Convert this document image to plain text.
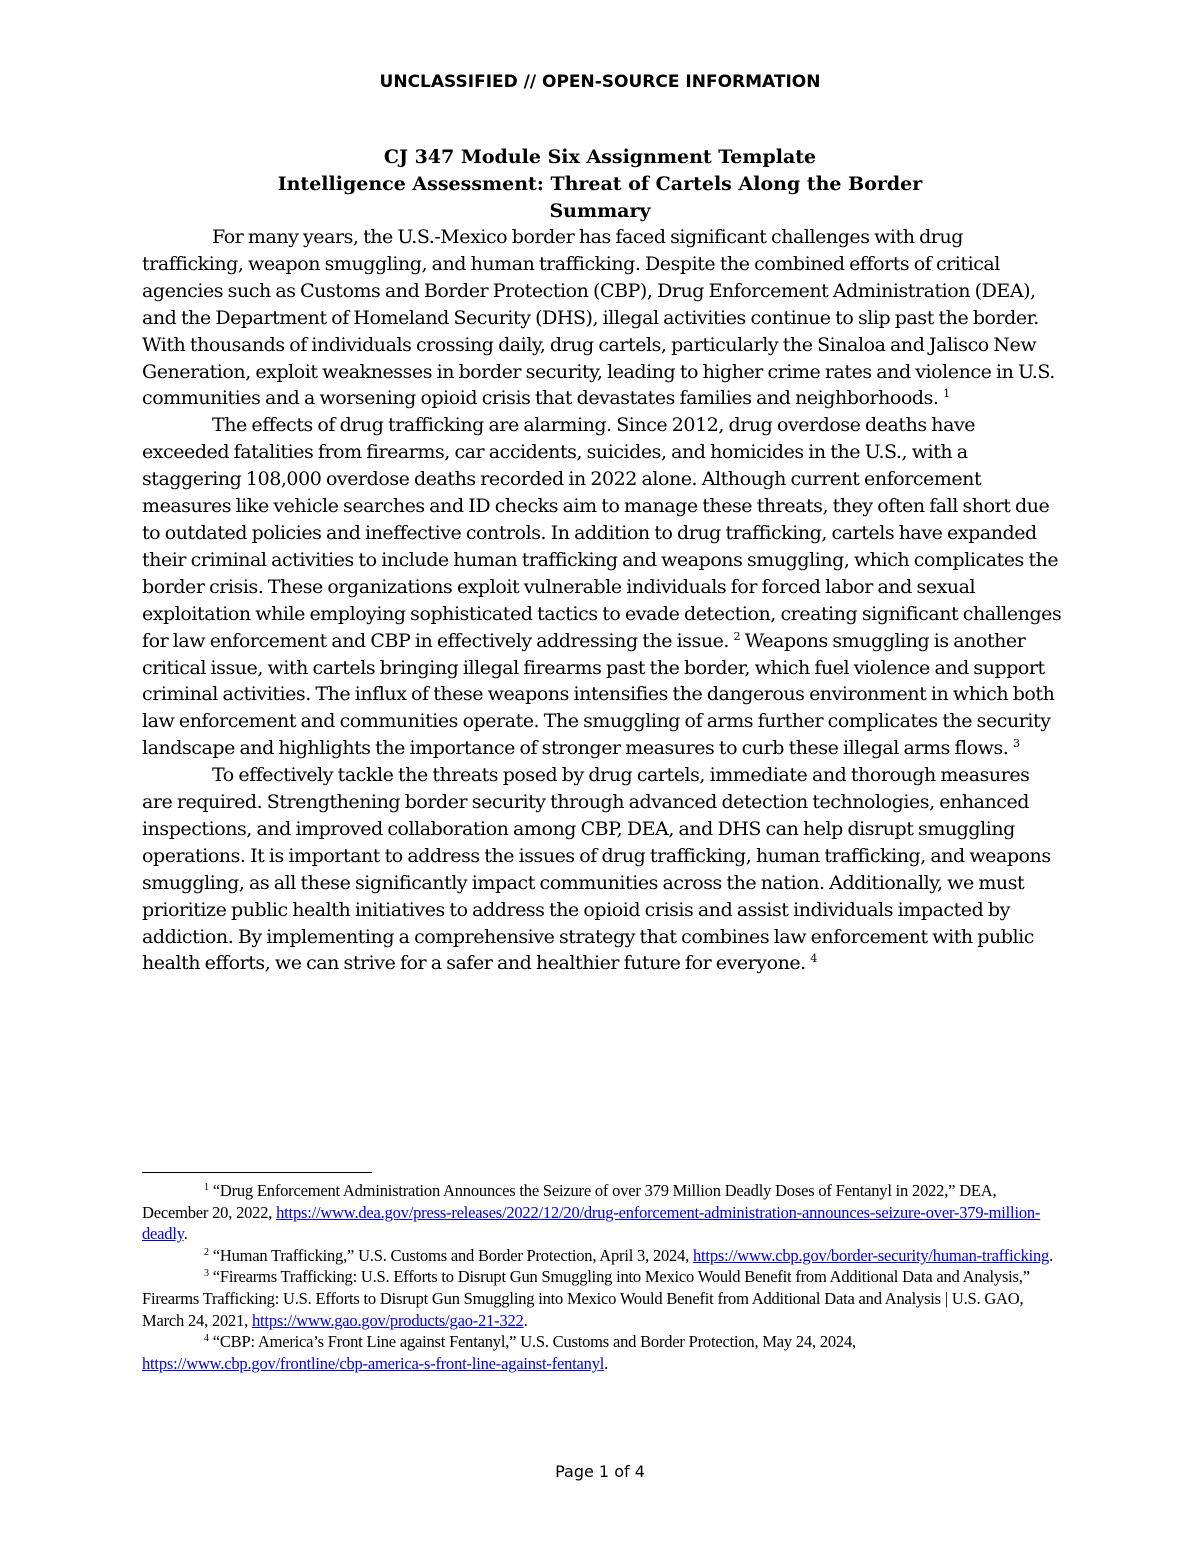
UNCLASSIFIED // OPEN-SOURCE INFORMATION
CJ 347 Module Six Assignment Template
Intelligence Assessment: Threat of Cartels Along the Border
Summary

For many years, the U.S.-Mexico border has faced significant challenges with drug trafficking, weapon smuggling, and human trafficking. Despite the combined efforts of critical agencies such as Customs and Border Protection (CBP), Drug Enforcement Administration (DEA), and the Department of Homeland Security (DHS), illegal activities continue to slip past the border. With thousands of individuals crossing daily, drug cartels, particularly the Sinaloa and Jalisco New Generation, exploit weaknesses in border security, leading to higher crime rates and violence in U.S. communities and a worsening opioid crisis that devastates families and neighborhoods. $^1$

The effects of drug trafficking are alarming. Since 2012, drug overdose deaths have exceeded fatalities from firearms, car accidents, suicides, and homicides in the U.S., with a staggering 108,000 overdose deaths recorded in 2022 alone. Although current enforcement measures like vehicle searches and ID checks aim to manage these threats, they often fall short due to outdated policies and ineffective controls. In addition to drug trafficking, cartels have expanded their criminal activities to include human trafficking and weapons smuggling, which complicates the border crisis. These organizations exploit vulnerable individuals for forced labor and sexual exploitation while employing sophisticated tactics to evade detection, creating significant challenges for law enforcement and CBP in effectively addressing the issue. $^2$ Weapons smuggling is another critical issue, with cartels bringing illegal firearms past the border, which fuel violence and support criminal activities. The influx of these weapons intensifies the dangerous environment in which both law enforcement and communities operate. The smuggling of arms further complicates the security landscape and highlights the importance of stronger measures to curb these illegal arms flows. $^3$

To effectively tackle the threats posed by drug cartels, immediate and thorough measures are required. Strengthening border security through advanced detection technologies, enhanced inspections, and improved collaboration among CBP, DEA, and DHS can help disrupt smuggling operations. It is important to address the issues of drug trafficking, human trafficking, and weapons smuggling, as all these significantly impact communities across the nation. Additionally, we must prioritize public health initiatives to address the opioid crisis and assist individuals impacted by addiction. By implementing a comprehensive strategy that combines law enforcement with public health efforts, we can strive for a safer and healthier future for everyone. $^4$

$^1$ “Drug Enforcement Administration Announces the Seizure of over 379 Million Deadly Doses of Fentanyl in 2022,” DEA, December 20, 2022, https://www.dea.gov/press-releases/2022/12/20/drug-enforcement-administration-announces-seizure-over-379-million-deadly.

$^2$ “Human Trafficking,” U.S. Customs and Border Protection, April 3, 2024, https://www.cbp.gov/border-security/human-trafficking.

$^3$ “Firearms Trafficking: U.S. Efforts to Disrupt Gun Smuggling into Mexico Would Benefit from Additional Data and Analysis,” Firearms Trafficking: U.S. Efforts to Disrupt Gun Smuggling into Mexico Would Benefit from Additional Data and Analysis | U.S. GAO, March 24, 2021, https://www.gao.gov/products/gao-21-322.

$^4$ “CBP: America’s Front Line against Fentanyl,” U.S. Customs and Border Protection, May 24, 2024, https://www.cbp.gov/frontline/cbp-america-s-front-line-against-fentanyl.

Page 1 of 4
